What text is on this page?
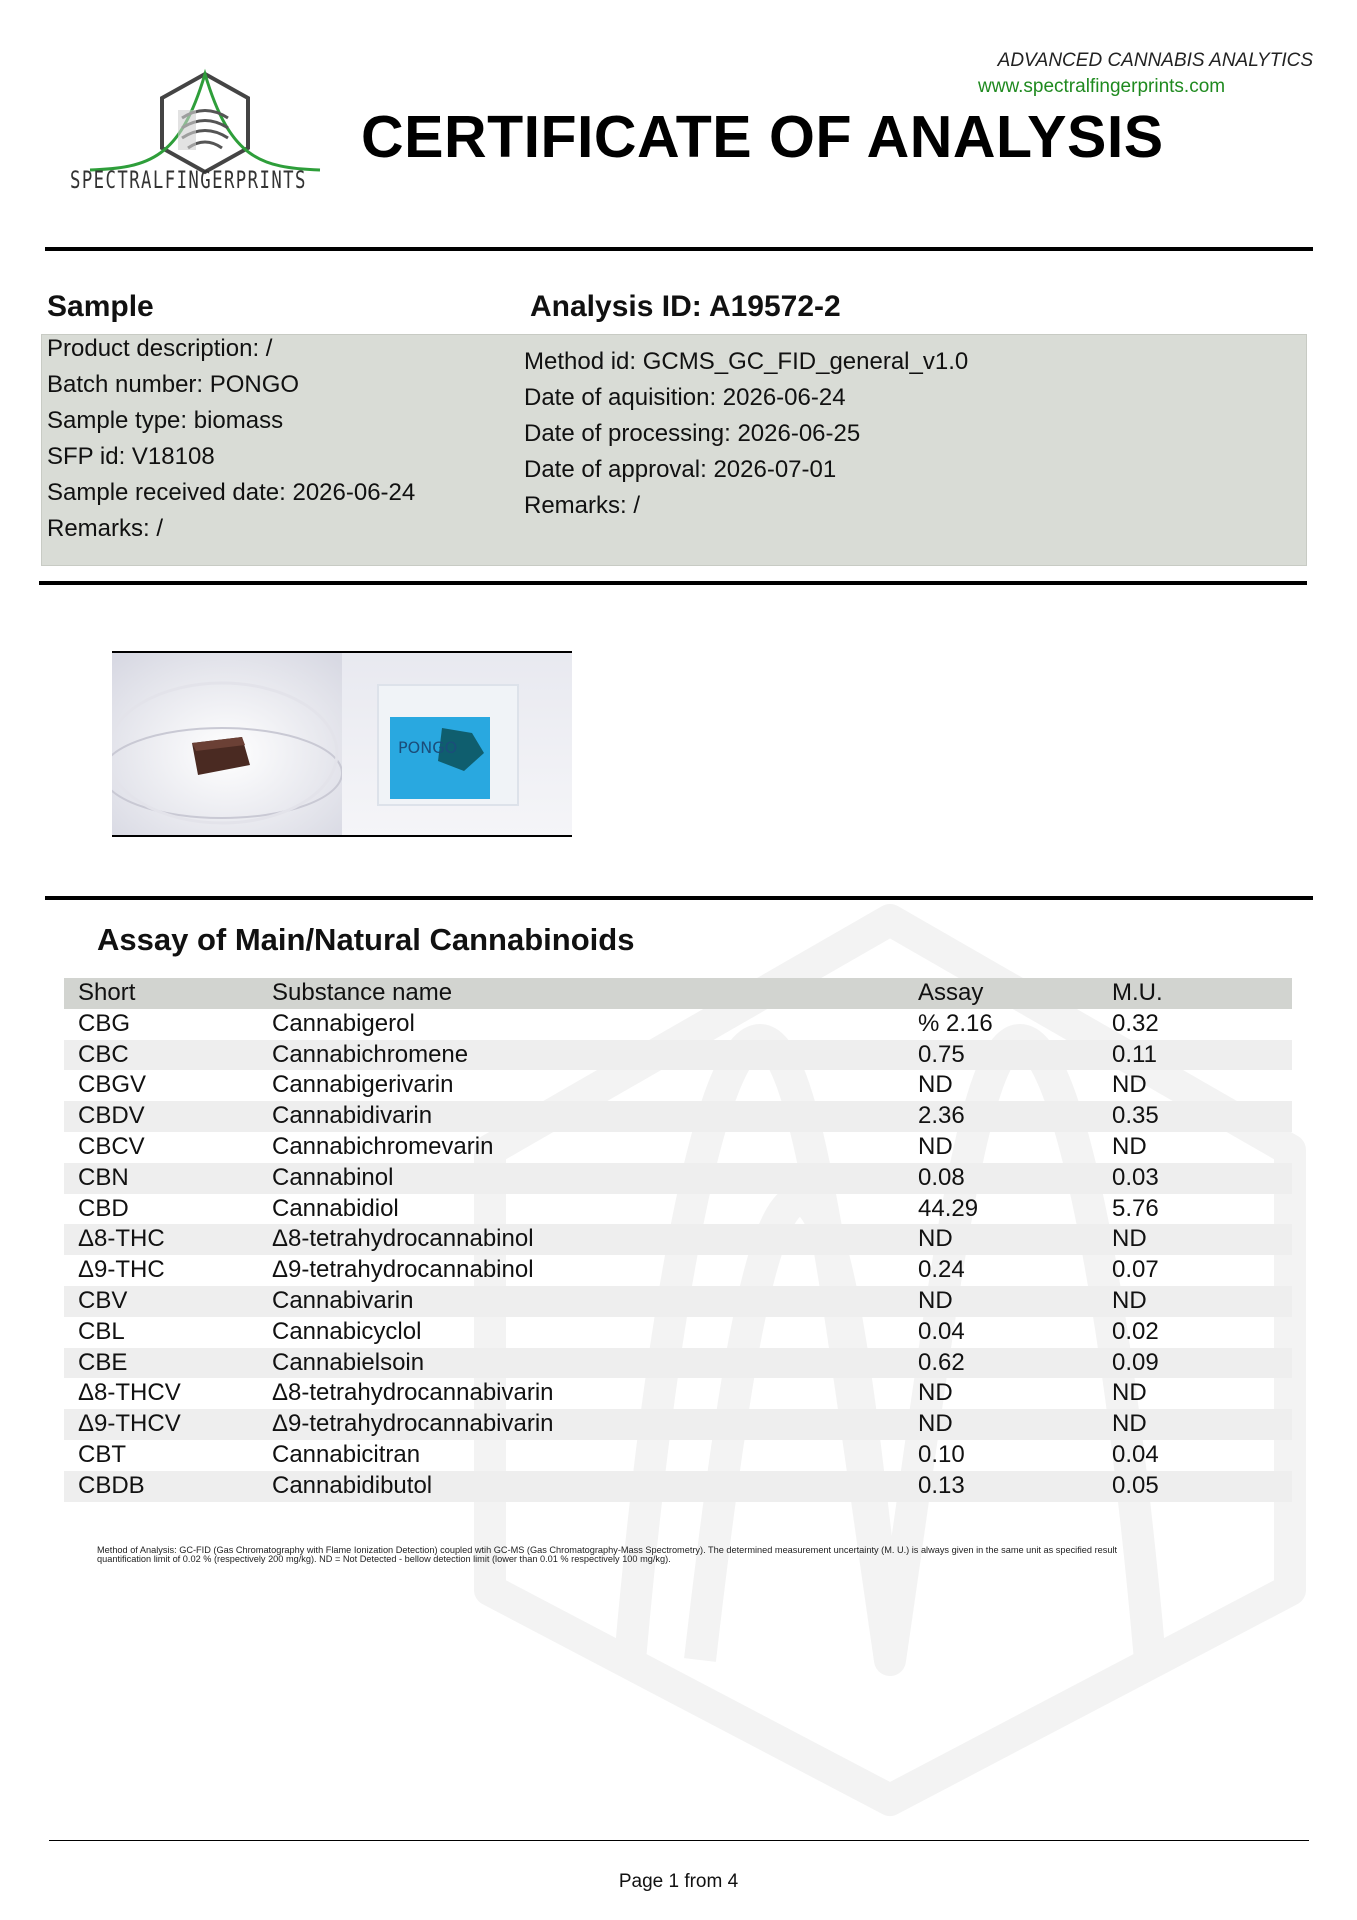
SPECTRALFINGERPRINTS
ADVANCED CANNABIS ANALYTICS
www.spectralfingerprints.com
CERTIFICATE OF ANALYSIS
Sample	Analysis ID: A19572-2
Product description: /
Batch number: PONGO
Sample type: biomass
SFP id: V18108
Sample received date: 2026-06-24
Remarks: /
Method id: GCMS_GC_FID_general_v1.0
Date of aquisition: 2026-06-24
Date of processing: 2026-06-25
Date of approval: 2026-07-01
Remarks: /
PONGO
Assay of Main/Natural Cannabinoids
Short	Substance name	Assay	M.U.
CBG	Cannabigerol	% 2.16	0.32
CBC	Cannabichromene	0.75	0.11
CBGV	Cannabigerivarin	ND	ND
CBDV	Cannabidivarin	2.36	0.35
CBCV	Cannabichromevarin	ND	ND
CBN	Cannabinol	0.08	0.03
CBD	Cannabidiol	44.29	5.76
Δ8-THC	Δ8-tetrahydrocannabinol	ND	ND
Δ9-THC	Δ9-tetrahydrocannabinol	0.24	0.07
CBV	Cannabivarin	ND	ND
CBL	Cannabicyclol	0.04	0.02
CBE	Cannabielsoin	0.62	0.09
Δ8-THCV	Δ8-tetrahydrocannabivarin	ND	ND
Δ9-THCV	Δ9-tetrahydrocannabivarin	ND	ND
CBT	Cannabicitran	0.10	0.04
CBDB	Cannabidibutol	0.13	0.05
Method of Analysis: GC-FID (Gas Chromatography with Flame Ionization Detection) coupled wtih GC-MS (Gas Chromatography-Mass Spectrometry). The determined measurement uncertainty (M. U.) is always given in the same unit as specified result
quantification limit of 0.02 % (respectively 200 mg/kg). ND = Not Detected - bellow detection limit (lower than 0.01 % respectively 100 mg/kg).
Page 1 from 4
